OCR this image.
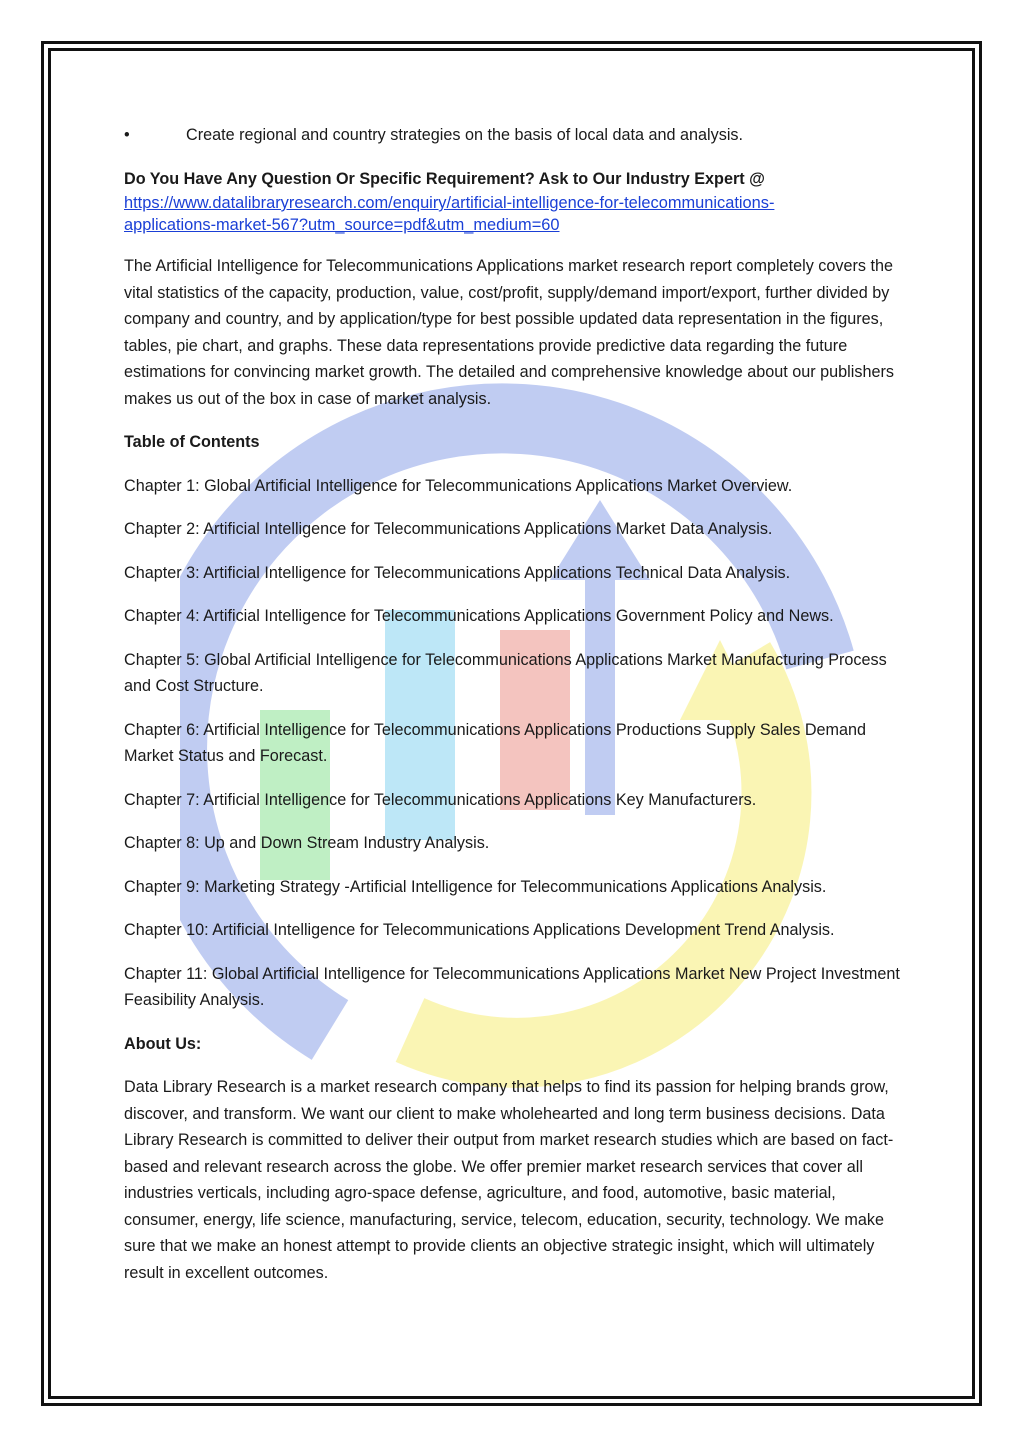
•	Create regional and country strategies on the basis of local data and analysis.
Do You Have Any Question Or Specific Requirement? Ask to Our Industry Expert @
https://www.datalibraryresearch.com/enquiry/artificial-intelligence-for-telecommunications-
applications-market-567?utm_source=pdf&utm_medium=60

The Artificial Intelligence for Telecommunications Applications market research report completely covers the vital statistics of the capacity, production, value, cost/profit, supply/demand import/export, further divided by company and country, and by application/type for best possible updated data representation in the figures, tables, pie chart, and graphs. These data representations provide predictive data regarding the future estimations for convincing market growth. The detailed and comprehensive knowledge about our publishers makes us out of the box in case of market analysis.

Table of Contents
Chapter 1: Global Artificial Intelligence for Telecommunications Applications Market Overview.
Chapter 2: Artificial Intelligence for Telecommunications Applications Market Data Analysis.
Chapter 3: Artificial Intelligence for Telecommunications Applications Technical Data Analysis.
Chapter 4: Artificial Intelligence for Telecommunications Applications Government Policy and News.
Chapter 5: Global Artificial Intelligence for Telecommunications Applications Market Manufacturing Process and Cost Structure.
Chapter 6: Artificial Intelligence for Telecommunications Applications Productions Supply Sales Demand Market Status and Forecast.
Chapter 7: Artificial Intelligence for Telecommunications Applications Key Manufacturers.
Chapter 8: Up and Down Stream Industry Analysis.
Chapter 9: Marketing Strategy -Artificial Intelligence for Telecommunications Applications Analysis.
Chapter 10: Artificial Intelligence for Telecommunications Applications Development Trend Analysis.
Chapter 11: Global Artificial Intelligence for Telecommunications Applications Market New Project Investment Feasibility Analysis.
About Us:

Data Library Research is a market research company that helps to find its passion for helping brands grow, discover, and transform. We want our client to make wholehearted and long term business decisions. Data Library Research is committed to deliver their output from market research studies which are based on fact-based and relevant research across the globe. We offer premier market research services that cover all industries verticals, including agro-space defense, agriculture, and food, automotive, basic material, consumer, energy, life science, manufacturing, service, telecom, education, security, technology. We make sure that we make an honest attempt to provide clients an objective strategic insight, which will ultimately result in excellent outcomes.
